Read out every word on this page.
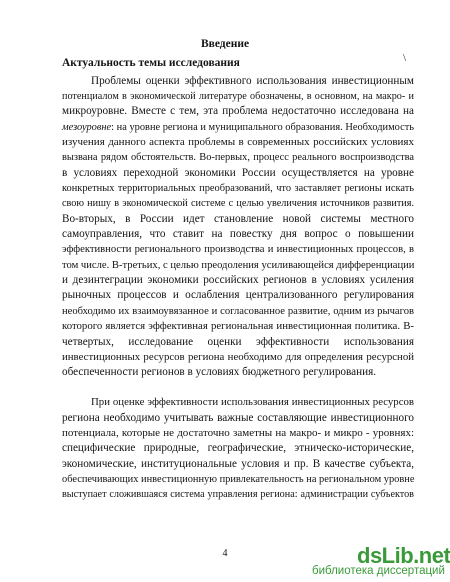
Введение
Актуальность темы исследования	\
Проблемы оценки эффективного использования инвестиционным
потенциалом в экономической литературе обозначены, в основном, на макро- и
микроуровне. Вместе с тем, эта проблема недостаточно исследована на
мезоуровне: на уровне региона и муниципального образования. Необходимость
изучения данного аспекта проблемы в современных российских условиях
вызвана рядом обстоятельств. Во-первых, процесс реального воспроизводства
в условиях переходной экономики России осуществляется на уровне
конкретных территориальных преобразований, что заставляет регионы искать
свою нишу в экономической системе с целью увеличения источников развития.
Во-вторых, в России идет становление новой системы местного
самоуправления, что ставит на повестку дня вопрос о повышении
эффективности регионального производства и инвестиционных процессов, в
том числе. В-третьих, с целью преодоления усиливающейся дифференциации
и дезинтеграции экономики российских регионов в условиях усиления
рыночных процессов и ослабления централизованного регулирования
необходимо их взаимоувязанное и согласованное развитие, одним из рычагов
которого является эффективная региональная инвестиционная политика. В-
четвертых, исследование оценки эффективности использования
инвестиционных ресурсов региона необходимо для определения ресурсной
обеспеченности регионов в условиях бюджетного регулирования.
При оценке эффективности использования инвестиционных ресурсов
региона необходимо учитывать важные составляющие инвестиционного
потенциала, которые не достаточно заметны на макро- и микро - уровнях:
специфические природные, географические, этническо-исторические,
экономические, институциональные условия и пр. В качестве субъекта,
обеспечивающих инвестиционную привлекательность на региональном уровне
выступает сложившаяся система управления региона: администрации субъектов
4	dsLib.net
библиотека диссертаций
